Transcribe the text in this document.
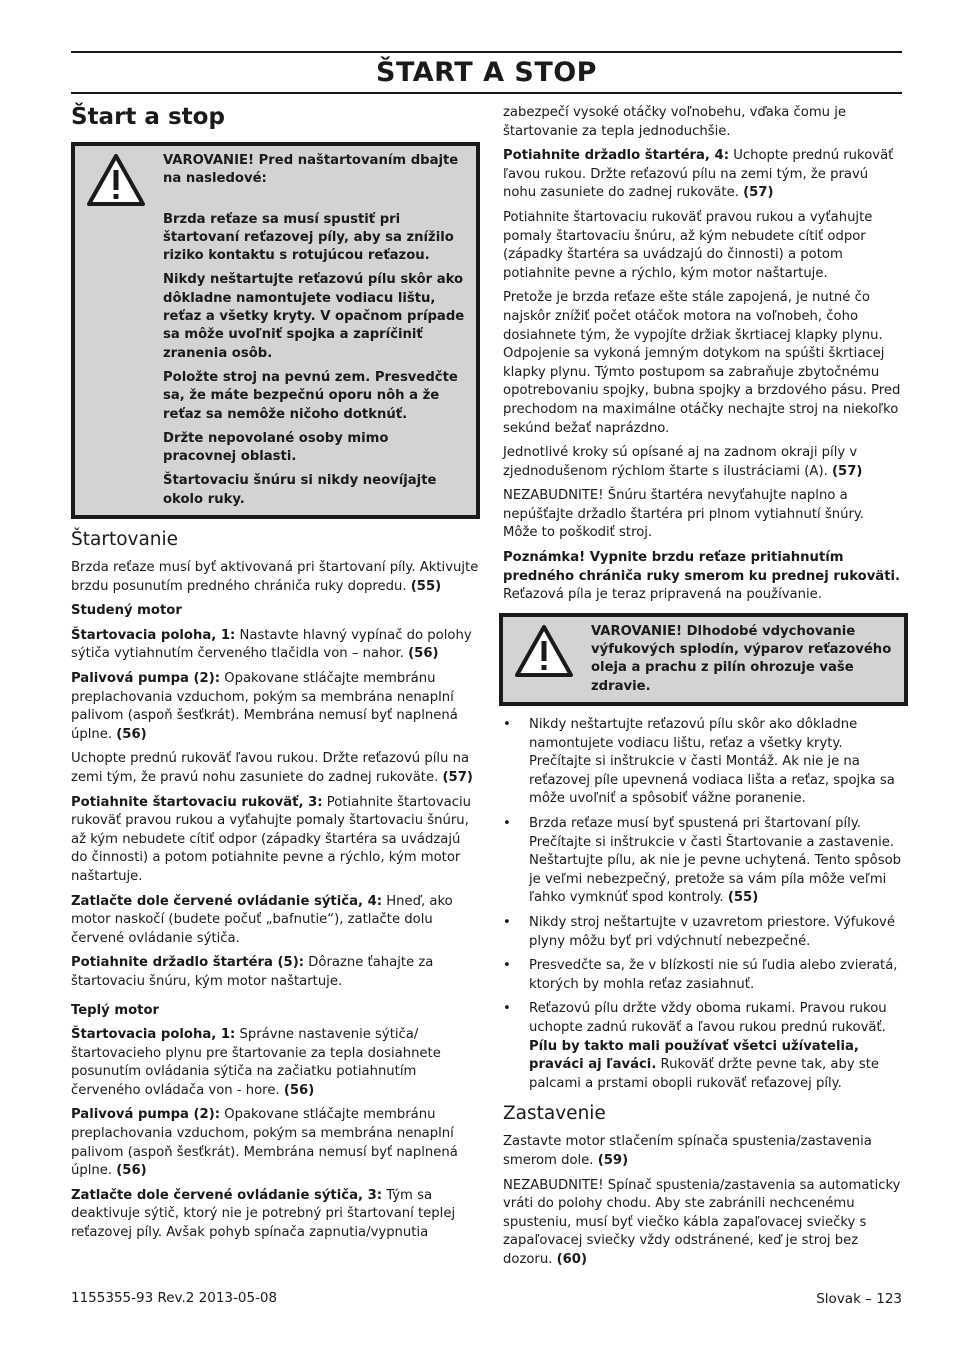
ŠTART A STOP
Štart a stop

VAROVANIE! Pred naštartovaním dbajte na nasledové:

Brzda reťaze sa musí spustiť pri štartovaní reťazovej píly, aby sa znížilo riziko kontaktu s rotujúcou reťazou.

Nikdy neštartujte reťazovú pílu skôr ako dôkladne namontujete vodiacu lištu, reťaz a všetky kryty. V opačnom prípade sa môže uvoľniť spojka a zapríčiniť zranenia osôb.

Položte stroj na pevnú zem. Presvedčte sa, že máte bezpečnú oporu nôh a že reťaz sa nemôže ničoho dotknúť.

Držte nepovolané osoby mimo pracovnej oblasti.

Štartovaciu šnúru si nikdy neovíjajte okolo ruky.

Štartovanie

Brzda reťaze musí byť aktivovaná pri štartovaní píly. Aktivujte brzdu posunutím predného chrániča ruky dopredu. (55)

Studený motor

Štartovacia poloha, 1: Nastavte hlavný vypínač do polohy sýtiča vytiahnutím červeného tlačidla von – nahor. (56)

Palivová pumpa (2): Opakovane stláčajte membránu preplachovania vzduchom, pokým sa membrána nenaplní palivom (aspoň šesťkrát). Membrána nemusí byť naplnená úplne. (56)

Uchopte prednú rukoväť ľavou rukou. Držte reťazovú pílu na zemi tým, že pravú nohu zasuniete do zadnej rukoväte. (57)

Potiahnite štartovaciu rukoväť, 3: Potiahnite štartovaciu rukoväť pravou rukou a vyťahujte pomaly štartovaciu šnúru, až kým nebudete cítiť odpor (západky štartéra sa uvádzajú do činnosti) a potom potiahnite pevne a rýchlo, kým motor naštartuje.

Zatlačte dole červené ovládanie sýtiča, 4: Hneď, ako motor naskočí (budete počuť „bafnutie“), zatlačte dolu červené ovládanie sýtiča.

Potiahnite držadlo štartéra (5): Dôrazne ťahajte za štartovaciu šnúru, kým motor naštartuje.

Teplý motor

Štartovacia poloha, 1: Správne nastavenie sýtiča/štartovacieho plynu pre štartovanie za tepla dosiahnete posunutím ovládania sýtiča na začiatku potiahnutím červeného ovládača von - hore. (56)

Palivová pumpa (2): Opakovane stláčajte membránu preplachovania vzduchom, pokým sa membrána nenaplní palivom (aspoň šesťkrát). Membrána nemusí byť naplnená úplne. (56)

Zatlačte dole červené ovládanie sýtiča, 3: Tým sa deaktivuje sýtič, ktorý nie je potrebný pri štartovaní teplej reťazovej píly. Avšak pohyb spínača zapnutia/vypnutia

zabezpečí vysoké otáčky voľnobehu, vďaka čomu je štartovanie za tepla jednoduchšie.

Potiahnite držadlo štartéra, 4: Uchopte prednú rukoväť ľavou rukou. Držte reťazovú pílu na zemi tým, že pravú nohu zasuniete do zadnej rukoväte. (57)

Potiahnite štartovaciu rukoväť pravou rukou a vyťahujte pomaly štartovaciu šnúru, až kým nebudete cítiť odpor (západky štartéra sa uvádzajú do činnosti) a potom potiahnite pevne a rýchlo, kým motor naštartuje.

Pretože je brzda reťaze ešte stále zapojená, je nutné čo najskôr znížiť počet otáčok motora na voľnobeh, čoho dosiahnete tým, že vypojíte držiak škrtiacej klapky plynu. Odpojenie sa vykoná jemným dotykom na spúšti škrtiacej klapky plynu. Týmto postupom sa zabraňuje zbytočnému opotrebovaniu spojky, bubna spojky a brzdového pásu. Pred prechodom na maximálne otáčky nechajte stroj na niekoľko sekúnd bežať naprázdno.

Jednotlivé kroky sú opísané aj na zadnom okraji píly v zjednodušenom rýchlom štarte s ilustráciami (A). (57)

NEZABUDNITE! Šnúru štartéra nevyťahujte naplno a nepúšťajte držadlo štartéra pri plnom vytiahnutí šnúry. Môže to poškodiť stroj.

Poznámka! Vypnite brzdu reťaze pritiahnutím predného chrániča ruky smerom ku prednej rukoväti. Reťazová píla je teraz pripravená na používanie.

VAROVANIE! Dlhodobé vdychovanie výfukových splodín, výparov reťazového oleja a prachu z pilín ohrozuje vaše zdravie.

• Nikdy neštartujte reťazovú pílu skôr ako dôkladne namontujete vodiacu lištu, reťaz a všetky kryty. Prečítajte si inštrukcie v časti Montáž. Ak nie je na reťazovej píle upevnená vodiaca lišta a reťaz, spojka sa môže uvoľniť a spôsobiť vážne poranenie.
• Brzda reťaze musí byť spustená pri štartovaní píly. Prečítajte si inštrukcie v časti Štartovanie a zastavenie. Neštartujte pílu, ak nie je pevne uchytená. Tento spôsob je veľmi nebezpečný, pretože sa vám píla môže veľmi ľahko vymknúť spod kontroly. (55)
• Nikdy stroj neštartujte v uzavretom priestore. Výfukové plyny môžu byť pri vdýchnutí nebezpečné.
• Presvedčte sa, že v blízkosti nie sú ľudia alebo zvieratá, ktorých by mohla reťaz zasiahnuť.
• Reťazovú pílu držte vždy oboma rukami. Pravou rukou uchopte zadnú rukoväť a ľavou rukou prednú rukoväť. Pílu by takto mali používať všetci užívatelia, praváci aj ľaváci. Rukoväť držte pevne tak, aby ste palcami a prstami obopli rukoväť reťazovej píly.
Zastavenie

Zastavte motor stlačením spínača spustenia/zastavenia smerom dole. (59)

NEZABUDNITE! Spínač spustenia/zastavenia sa automaticky vráti do polohy chodu. Aby ste zabránili nechcenému spusteniu, musí byť viečko kábla zapaľovacej sviečky s zapaľovacej sviečky vždy odstránené, keď je stroj bez dozoru. (60)

1155355-93 Rev.2 2013-05-08	Slovak – 123
